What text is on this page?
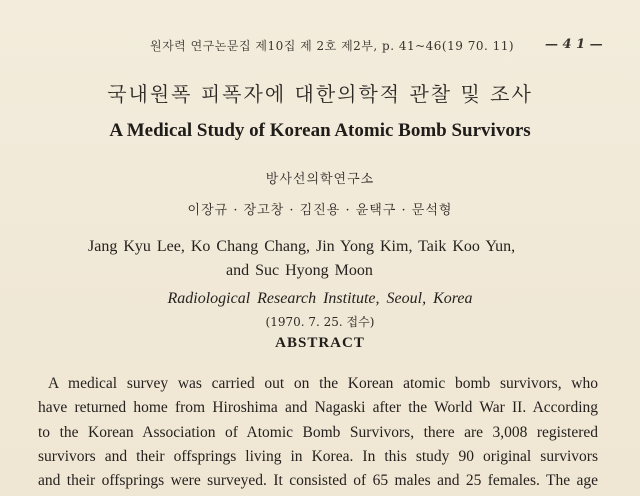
원자력 연구논문집 제10집 제 2호 제2부, p. 41~46(19 70. 11) — 4 1 —
국내원폭 피폭자에 대한의학적 관찰 및 조사
A Medical Study of Korean Atomic Bomb Survivors
방사선의학연구소
이장규 · 장고창 · 김진용 · 윤택구 · 문석형
Jang Kyu Lee, Ko Chang Chang, Jin Yong Kim, Taik Koo Yun,
and Suc Hyong Moon
Radiological Research Institute, Seoul, Korea
(1970. 7. 25. 접수)
ABSTRACT
A medical survey was carried out on the Korean atomic bomb survivors, who
have returned home from Hiroshima and Nagaski after the World War II. According
to the Korean Association of Atomic Bomb Survivors, there are 3,008 registered
survivors and their offsprings living in Korea. In this study 90 original survivors
and their offsprings were surveyed. It consisted of 65 males and 25 females. The age
